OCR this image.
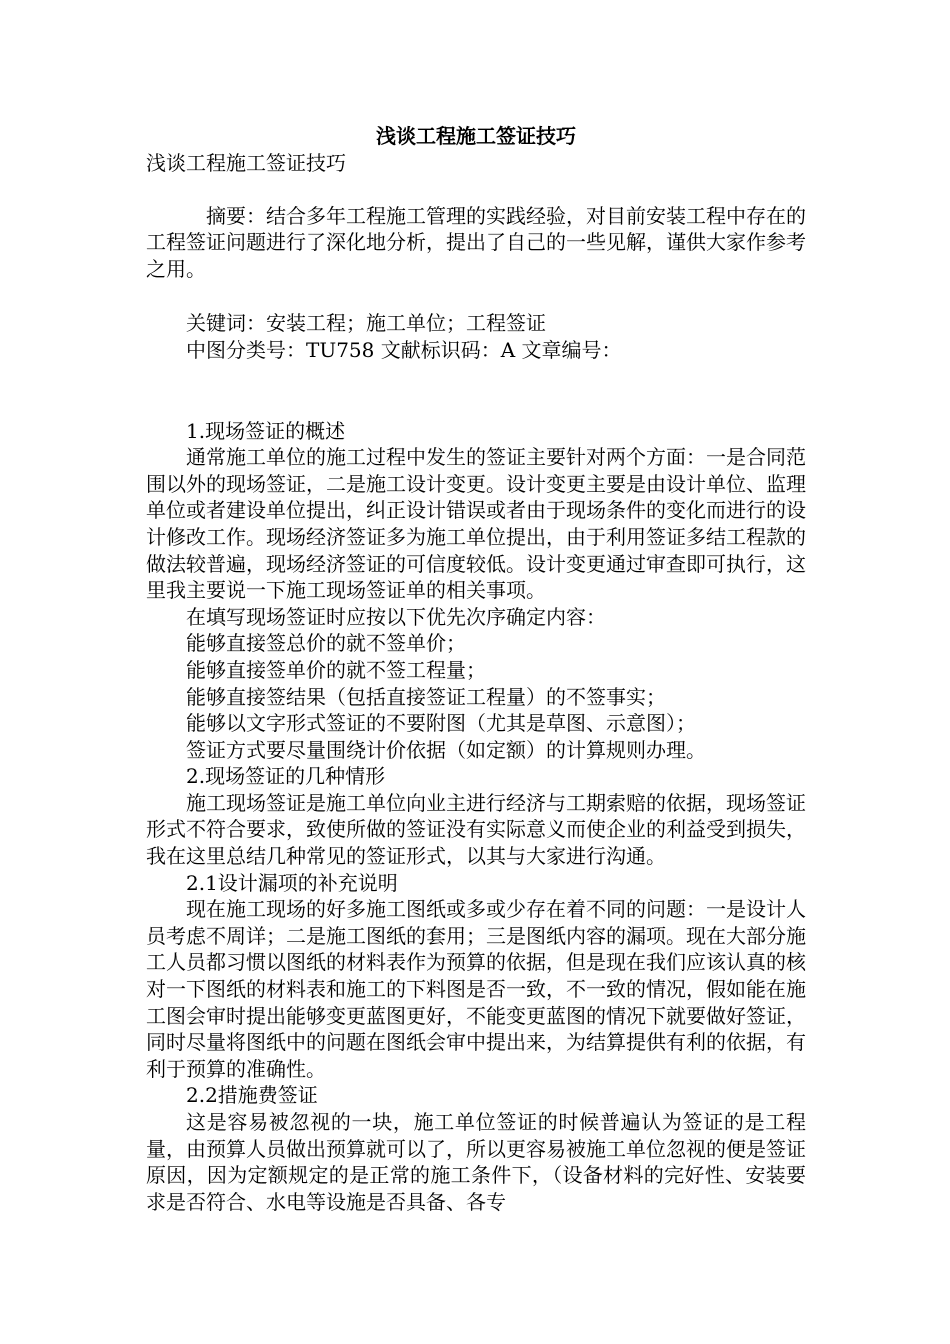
浅谈工程施工签证技巧

浅谈工程施工签证技巧

摘要：结合多年工程施工管理的实践经验，对目前安装工程中存在的工程签证问题进行了深化地分析，提出了自己的一些见解，谨供大家作参考之用。

关键词：安装工程；施工单位；工程签证

中图分类号：TU758 文献标识码：A 文章编号：

1.现场签证的概述

通常施工单位的施工过程中发生的签证主要针对两个方面：一是合同范围以外的现场签证，二是施工设计变更。设计变更主要是由设计单位、监理单位或者建设单位提出，纠正设计错误或者由于现场条件的变化而进行的设计修改工作。现场经济签证多为施工单位提出，由于利用签证多结工程款的做法较普遍，现场经济签证的可信度较低。设计变更通过审查即可执行，这里我主要说一下施工现场签证单的相关事项。

在填写现场签证时应按以下优先次序确定内容：

能够直接签总价的就不签单价；

能够直接签单价的就不签工程量；

能够直接签结果（包括直接签证工程量）的不签事实；

能够以文字形式签证的不要附图（尤其是草图、示意图）；

签证方式要尽量围绕计价依据（如定额）的计算规则办理。

2.现场签证的几种情形

施工现场签证是施工单位向业主进行经济与工期索赔的依据，现场签证形式不符合要求，致使所做的签证没有实际意义而使企业的利益受到损失，我在这里总结几种常见的签证形式，以其与大家进行沟通。

2.1设计漏项的补充说明

现在施工现场的好多施工图纸或多或少存在着不同的问题：一是设计人员考虑不周详；二是施工图纸的套用；三是图纸内容的漏项。现在大部分施工人员都习惯以图纸的材料表作为预算的依据，但是现在我们应该认真的核对一下图纸的材料表和施工的下料图是否一致，不一致的情况，假如能在施工图会审时提出能够变更蓝图更好，不能变更蓝图的情况下就要做好签证，同时尽量将图纸中的问题在图纸会审中提出来，为结算提供有利的依据，有利于预算的准确性。

2.2措施费签证

这是容易被忽视的一块，施工单位签证的时候普遍认为签证的是工程量，由预算人员做出预算就可以了，所以更容易被施工单位忽视的便是签证原因，因为定额规定的是正常的施工条件下，（设备材料的完好性、安装要求是否符合、水电等设施是否具备、各专
